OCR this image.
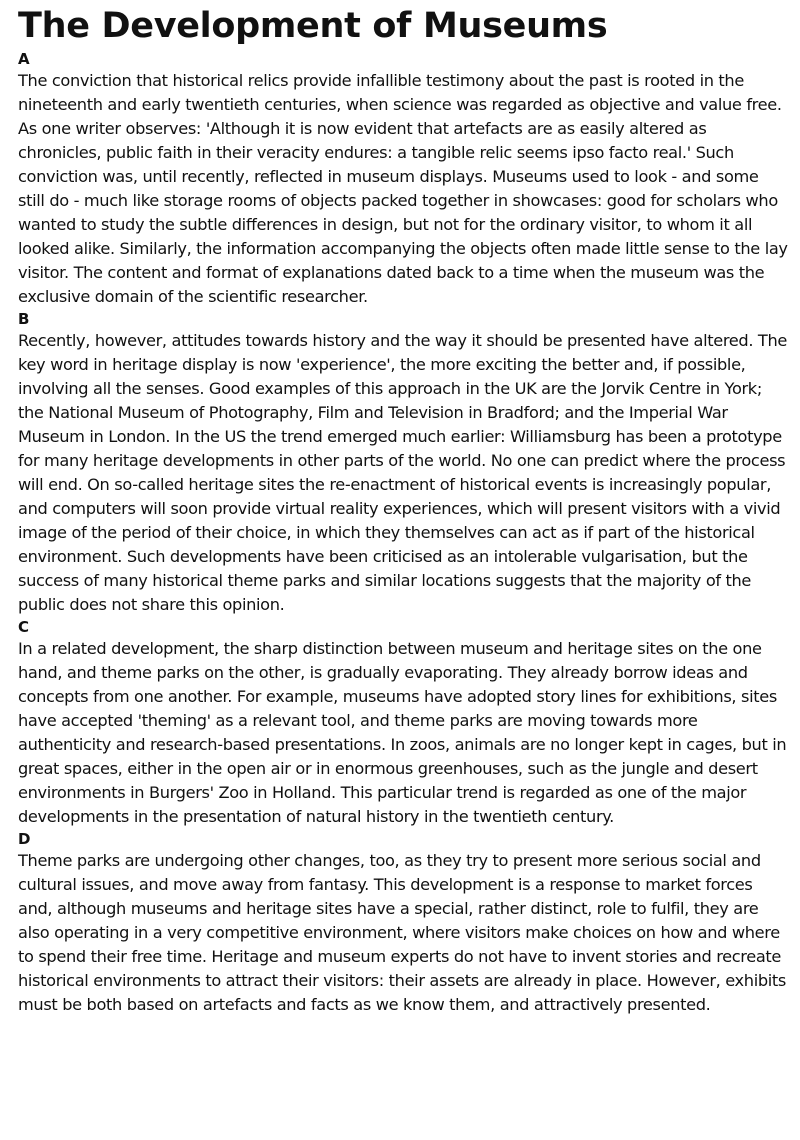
The Development of Museums
A

The conviction that historical relics provide infallible testimony about the past is rooted in the nineteenth and early twentieth centuries, when science was regarded as objective and value free. As one writer observes: 'Although it is now evident that artefacts are as easily altered as chronicles, public faith in their veracity endures: a tangible relic seems ipso facto real.' Such conviction was, until recently, reflected in museum displays. Museums used to look - and some still do - much like storage rooms of objects packed together in showcases: good for scholars who wanted to study the subtle differences in design, but not for the ordinary visitor, to whom it all looked alike. Similarly, the information accompanying the objects often made little sense to the lay visitor. The content and format of explanations dated back to a time when the museum was the exclusive domain of the scientific researcher.

B

Recently, however, attitudes towards history and the way it should be presented have altered. The key word in heritage display is now 'experience', the more exciting the better and, if possible, involving all the senses. Good examples of this approach in the UK are the Jorvik Centre in York; the National Museum of Photography, Film and Television in Bradford; and the Imperial War Museum in London. In the US the trend emerged much earlier: Williamsburg has been a prototype for many heritage developments in other parts of the world. No one can predict where the process will end. On so-called heritage sites the re-enactment of historical events is increasingly popular, and computers will soon provide virtual reality experiences, which will present visitors with a vivid image of the period of their choice, in which they themselves can act as if part of the historical environment. Such developments have been criticised as an intolerable vulgarisation, but the success of many historical theme parks and similar locations suggests that the majority of the public does not share this opinion.

C

In a related development, the sharp distinction between museum and heritage sites on the one hand, and theme parks on the other, is gradually evaporating. They already borrow ideas and concepts from one another. For example, museums have adopted story lines for exhibitions, sites have accepted 'theming' as a relevant tool, and theme parks are moving towards more authenticity and research-based presentations. In zoos, animals are no longer kept in cages, but in great spaces, either in the open air or in enormous greenhouses, such as the jungle and desert environments in Burgers' Zoo in Holland. This particular trend is regarded as one of the major developments in the presentation of natural history in the twentieth century.

D

Theme parks are undergoing other changes, too, as they try to present more serious social and cultural issues, and move away from fantasy. This development is a response to market forces and, although museums and heritage sites have a special, rather distinct, role to fulfil, they are also operating in a very competitive environment, where visitors make choices on how and where to spend their free time. Heritage and museum experts do not have to invent stories and recreate historical environments to attract their visitors: their assets are already in place. However, exhibits must be both based on artefacts and facts as we know them, and attractively presented.
